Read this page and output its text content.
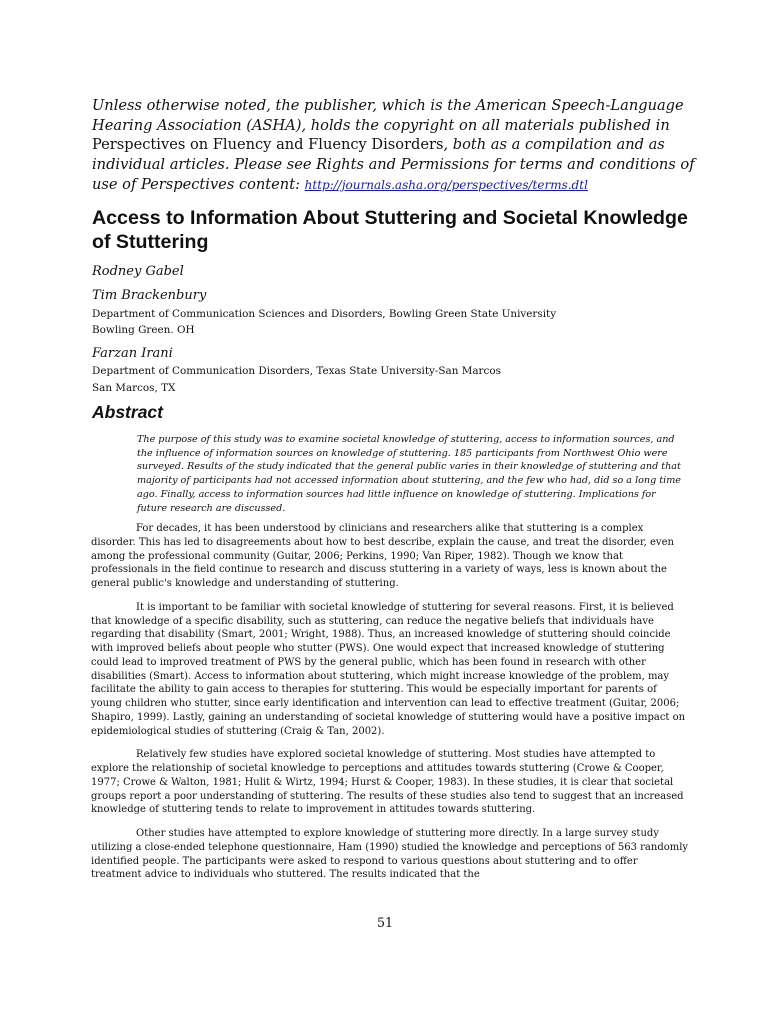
Unless otherwise noted, the publisher, which is the American Speech-Language Hearing Association (ASHA), holds the copyright on all materials published in Perspectives on Fluency and Fluency Disorders, both as a compilation and as individual articles. Please see Rights and Permissions for terms and conditions of use of Perspectives content: http://journals.asha.org/perspectives/terms.dtl
Access to Information About Stuttering and Societal Knowledge of Stuttering

Rodney Gabel

Tim Brackenbury

Department of Communication Sciences and Disorders, Bowling Green State University

Bowling Green. OH

Farzan Irani

Department of Communication Disorders, Texas State University-San Marcos

San Marcos, TX

Abstract

The purpose of this study was to examine societal knowledge of stuttering, access to information sources, and the influence of information sources on knowledge of stuttering. 185 participants from Northwest Ohio were surveyed. Results of the study indicated that the general public varies in their knowledge of stuttering and that majority of participants had not accessed information about stuttering, and the few who had, did so a long time ago. Finally, access to information sources had little influence on knowledge of stuttering. Implications for future research are discussed.

For decades, it has been understood by clinicians and researchers alike that stuttering is a complex disorder. This has led to disagreements about how to best describe, explain the cause, and treat the disorder, even among the professional community (Guitar, 2006; Perkins, 1990; Van Riper, 1982). Though we know that professionals in the field continue to research and discuss stuttering in a variety of ways, less is known about the general public's knowledge and understanding of stuttering.

It is important to be familiar with societal knowledge of stuttering for several reasons. First, it is believed that knowledge of a specific disability, such as stuttering, can reduce the negative beliefs that individuals have regarding that disability (Smart, 2001; Wright, 1988). Thus, an increased knowledge of stuttering should coincide with improved beliefs about people who stutter (PWS). One would expect that increased knowledge of stuttering could lead to improved treatment of PWS by the general public, which has been found in research with other disabilities (Smart). Access to information about stuttering, which might increase knowledge of the problem, may facilitate the ability to gain access to therapies for stuttering. This would be especially important for parents of young children who stutter, since early identification and intervention can lead to effective treatment (Guitar, 2006; Shapiro, 1999). Lastly, gaining an understanding of societal knowledge of stuttering would have a positive impact on epidemiological studies of stuttering (Craig & Tan, 2002).

Relatively few studies have explored societal knowledge of stuttering. Most studies have attempted to explore the relationship of societal knowledge to perceptions and attitudes towards stuttering (Crowe & Cooper, 1977; Crowe & Walton, 1981; Hulit & Wirtz, 1994; Hurst & Cooper, 1983). In these studies, it is clear that societal groups report a poor understanding of stuttering. The results of these studies also tend to suggest that an increased knowledge of stuttering tends to relate to improvement in attitudes towards stuttering.

Other studies have attempted to explore knowledge of stuttering more directly. In a large survey study utilizing a close-ended telephone questionnaire, Ham (1990) studied the knowledge and perceptions of 563 randomly identified people. The participants were asked to respond to various questions about stuttering and to offer treatment advice to individuals who stuttered. The results indicated that the

51
